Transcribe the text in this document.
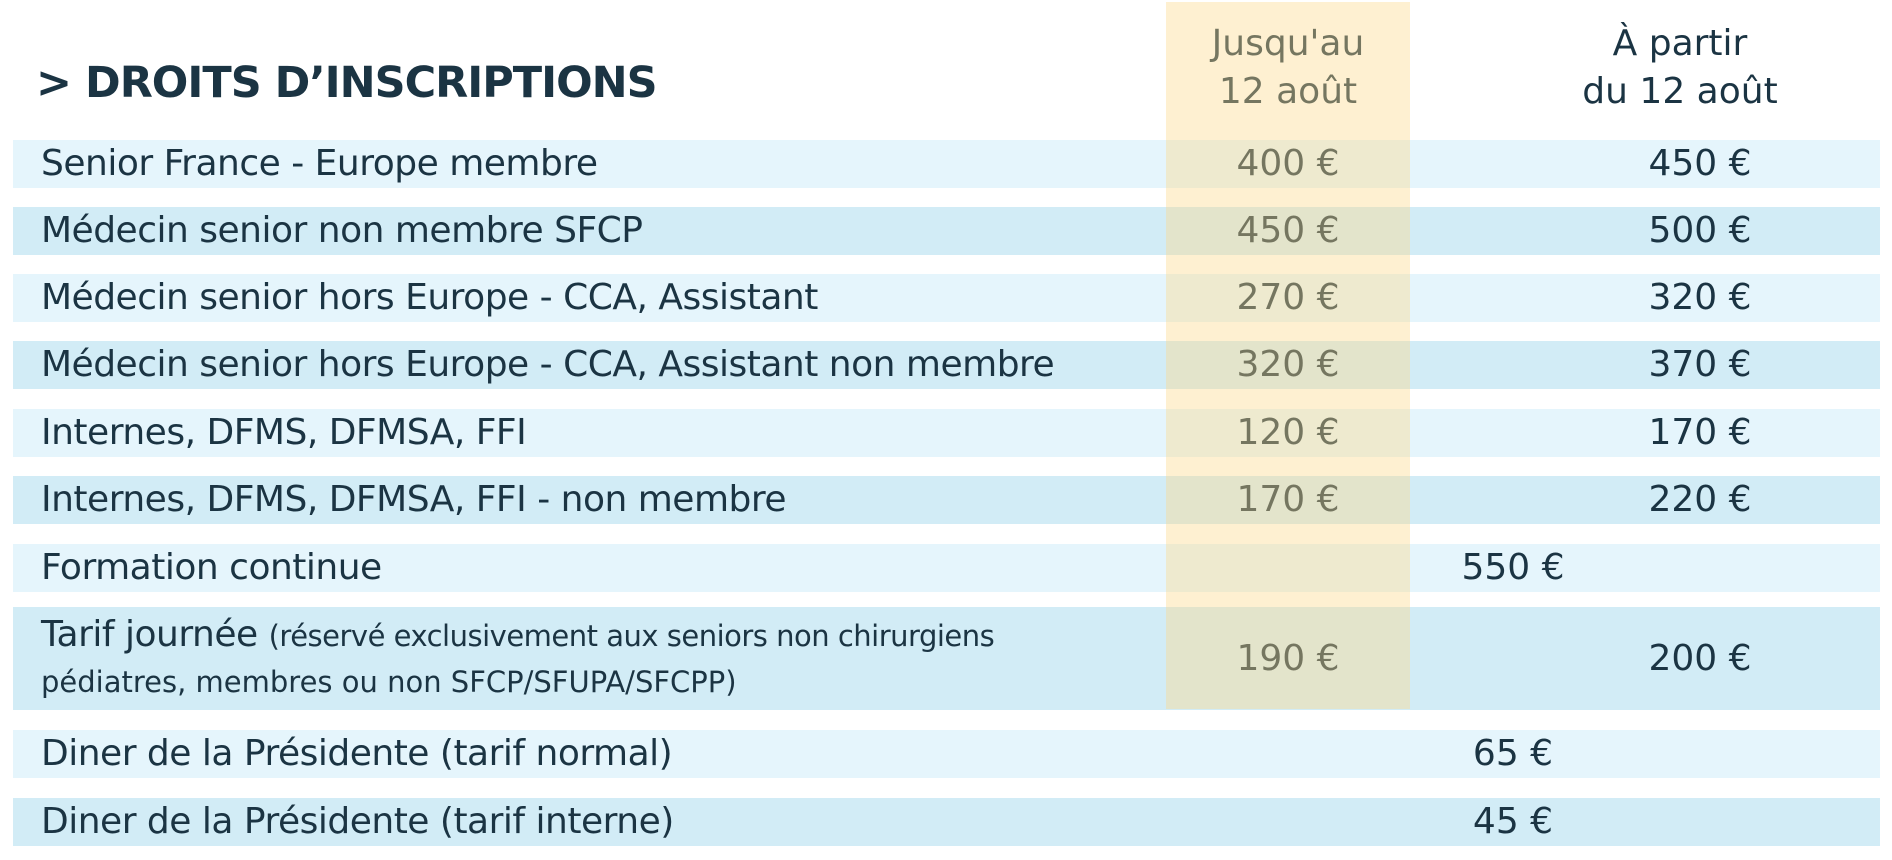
> DROITS D’INSCRIPTIONS
Jusqu'au
12 août
À partir
du 12 août
Senior France - Europe membre	400 €	450 €
Médecin senior non membre SFCP	450 €	500 €
Médecin senior hors Europe - CCA, Assistant	270 €	320 €
Médecin senior hors Europe - CCA, Assistant non membre	320 €	370 €
Internes, DFMS, DFMSA, FFI	120 €	170 €
Internes, DFMS, DFMSA, FFI - non membre	170 €	220 €
Formation continue	550 €
Tarif journée (réservé exclusivement aux seniors non chirurgiens
pédiatres, membres ou non SFCP/SFUPA/SFCPP)
190 €	200 €
Diner de la Présidente (tarif normal)	65 €
Diner de la Présidente (tarif interne)	45 €
